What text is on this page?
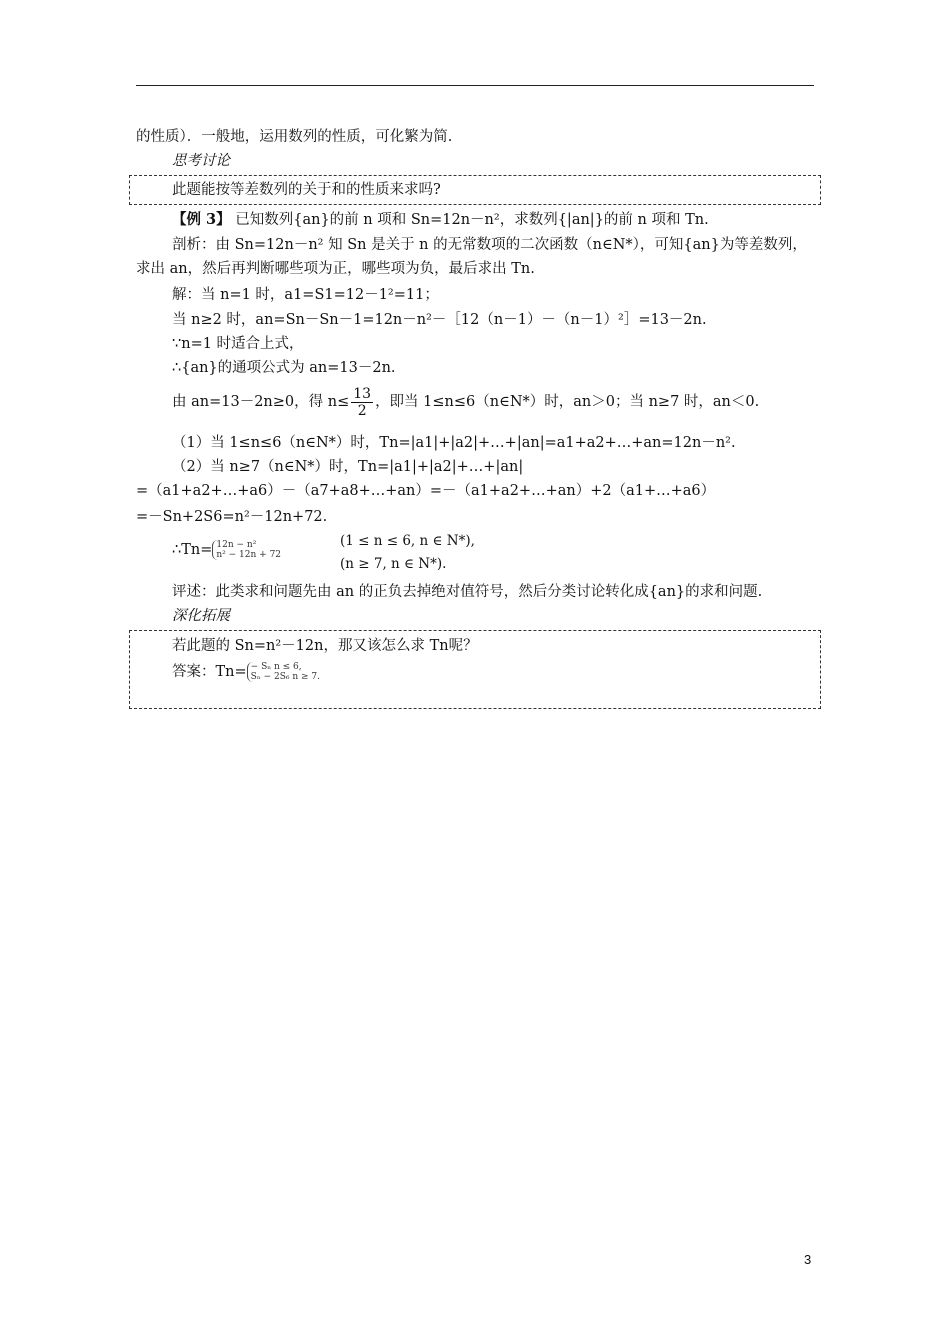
的性质）．一般地，运用数列的性质，可化繁为简.
思考讨论
此题能按等差数列的关于和的性质来求吗?
【例 3】 已知数列{an}的前 n 项和 Sn=12n－n²，求数列{|an|}的前 n 项和 Tn.
剖析：由 Sn=12n－n² 知 Sn 是关于 n 的无常数项的二次函数（n∈N*），可知{an}为等差数列，
求出 an，然后再判断哪些项为正，哪些项为负，最后求出 Tn.
解：当 n=1 时，a1=S1=12－1²=11；
当 n≥2 时，an=Sn－Sn－1=12n－n²－［12（n－1）－（n－1）²］=13－2n.
∵n=1 时适合上式，
∴{an}的通项公式为 an=13－2n.
由 an=13－2n≥0，得 $n\le \frac{13}{2}$ ，即当 1≤n≤6（n∈N*）时，an＞0；当 n≥7 时，an＜0.
（1）当 1≤n≤6（n∈N*）时，Tn=|a1|+|a2|+…+|an|=a1+a2+…+an=12n－n².
（2）当 n≥7（n∈N*）时，Tn=|a1|+|a2|+…+|an|
=（a1+a2+…+a6）－（a7+a8+…+an）=－（a1+a2+…+an）+2（a1+…+a6）
=－Sn+2S6=n²－12n+72.
∴Tn= 12n − n²
n² − 12n + 72
(1 ≤ n ≤ 6, n ∈ N*),
(n ≥ 7, n ∈ N*).
评述：此类求和问题先由 an 的正负去掉绝对值符号，然后分类讨论转化成{an}的求和问题.
深化拓展
若此题的 Sn=n²－12n，那又该怎么求 Tn呢？
答案：Tn= − Sₙ n ≤ 6,
Sₙ − 2S₆ n ≥ 7.
3
